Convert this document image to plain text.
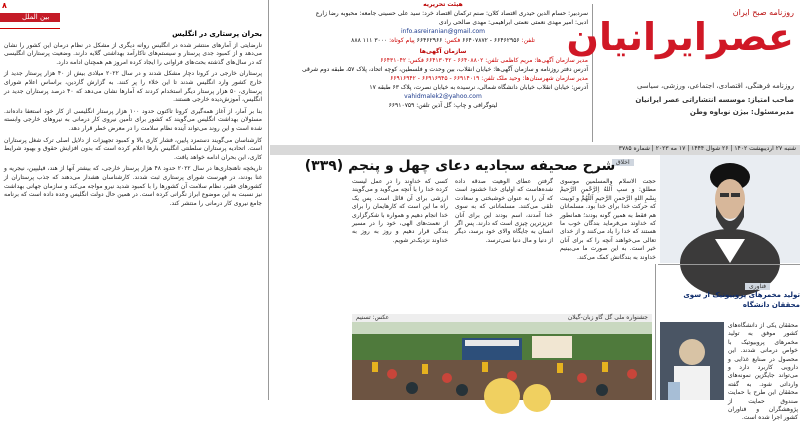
۸
بین الملل
بحران پرستاری در انگلیس

نارضایتی از آمارهای منتشر شده در انگلیس روانه دیگری از مشکل در نظام درمان این کشور را نشان می‌دهد و از کمبود جدی پرستار و سیستم‌های ناکارآمد بهداشتی گلایه دارند. وضعیت پرستاران انگلیسی که در سال‌های گذشته بحث‌های فراوانی را ایجاد کرده امروز هم همچنان ادامه دارد.

پرستاران خارجی در کرونا دچار مشکل شدند و در سال ۲۰۲۲ میلادی بیش از ۴۰ هزار پرستار جدید از خارج کشور وارد انگلیس شدند تا این خلاء را پر کنند. به گزارش گاردین، براساس اعلام شورای پرستاری، ۵۰ هزار پرستار دیگر استخدام کردند که آمارها نشان می‌دهد که ۴۰ درصد پرستاران جدید در انگلیس، آموزش‌دیده خارجی هستند.

بنا بر آمار، از آغاز همه‌گیری کرونا تاکنون حدود ۱۰۰ هزار پرستار انگلیسی از کار خود استعفا داده‌اند. مسئولان بهداشت انگلیس می‌گویند که کشور برای تأمین نیروی کار درمانی به نیروهای خارجی وابسته شده است و این روند می‌تواند آینده نظام سلامت را در معرض خطر قرار دهد.

کارشناسان می‌گویند دستمزد پایین، فشار کاری بالا و کمبود تجهیزات از دلایل اصلی ترک شغل پرستاران است. اتحادیه پرستاران سلطنتی انگلیس بارها اعلام کرده است که بدون افزایش حقوق و بهبود شرایط کاری، این بحران ادامه خواهد یافت.

تاریخچه ناهنجاری‌ها در سال ۲۰۲۲ حدود ۴۸ هزار پرستار خارجی، که بیشتر آنها از هند، فیلیپین، نیجریه و غنا بودند، در فهرست شورای پرستاری ثبت شدند. کارشناسان هشدار می‌دهند که جذب پرستاران از کشورهای فقیر، نظام سلامت آن کشورها را با کمبود شدید نیرو مواجه می‌کند و سازمان جهانی بهداشت نیز نسبت به این موضوع ابراز نگرانی کرده است. در همین حال دولت انگلیس وعده داده است که برنامه جامع نیروی کار درمانی را منتشر کند.

هیئت تحریریه
سردبیر: حسام الدین حیدری اقتصاد کلان: صنم ترکمان اقتصاد خرد: سید علی حسینی جامعه: محبوبه رضا زارع
ادبی: امیر مهدی نعمتی نعمتی ابراهیمی: مهدی صالحی رادی
info.asreiranian@gmail.com
تلفن: ۶۶۴۶۲۹۵۶ - ۶۶۴۰۷۸۷۲ فکس: ۶۶۴۶۲۹۶۶ پیام کوتاه: ۳۰۰۰ ۱۱۱ ۸۸۸
سازمان آگهی‌ها
مدیر سازمان آگهی‌ها: مریم کاظمی تلفن: ۶۶۴۰۸۸۰۲ - ۶۶۴۱۳۰۴۲ فکس: ۶۶۴۳۱۰۴۲
آدرس دفتر روزنامه و سازمان آگهی‌ها: خیابان انقلاب، بین وحدت و فلسطین، کوچه اتحاد، پلاک ۵۷، طبقه دوم شرقی
مدیر سازمان شهرستان‌ها: وحید ملک تلفن: ۶۶۹۱۴۰۱۹ - ۶۶۹۱۶۹۴۵ - ۶۶۹۱۶۹۴۲
آدرس: خیابان انقلاب خیابان دانشگاه شمالی، نرسیده به خیابان نصرت، پلاک ۶۳ طبقه ۱۷
vahidmalek2@yahoo.com
لیتوگرافی و چاپ: گل آذین تلفن: ۶۶۹۱۰۷۵۹
روزنامه صبح ایران
عصرایرانیان
روزنامه فرهنگی، اقتصادی، اجتماعی، ورزشی، سیاسی
صاحب امتیاز: موسسه انتشاراتی عصر ایرانیان
مدیرمسئول: بیژن نوباوه وطن
شنبه ۲۷ اردیبهشت ۱۴۰۲ | ۲۶ شوال ۱۴۴۴ | ۱۷ مه ۲۰۲۳ | شماره ۳۷۸۵
اخلاق
شرح صحیفه سجادیه دعای چهل و پنجم (۳۳۹)
حجت الاسلام والمسلمین موسوی مطلق: و سپ اَللهُ اِلرَّحْمنِ الرَّحیمْ بِسْمِ اللهِ الرَّحمنِ الرَّحیمِ اَللّهُمَّ و تَوبیت که حرکت خدا برای خدا بود. مسلمانان هم فقط به همین گونه بودند؛ همانطور که خداوند می‌فرماید بندگان خوب ما هستند که خدا را یاد می‌کنند و از خدای تعالی می‌خواهند آنچه را که برای آنان خیر است. به این صورت ما می‌بینیم خداوند به بندگانش کمک می‌کند.
گرفتن عطای الوهیت صدقه داده شده‌هاست که اولیای خدا خشنود است که آن را به عنوان خوشبختی و سعادت تلقی می‌کنند. مسلمانانی که به سوی خدا آمدند، اسم بودند این برای آنان عزیزترین چیزی است که دارند. پس اگر انسان به جایگاه والای خود برسد، دیگر از دنیا و مال دنیا نمی‌ترسد.
کسی که خداوند را در عمل لیست کرده خدا را با آنچه می‌گوید و می‌گویند ارزشی برای آن قائل است. پس یک راه ما این است که کارهایمان را برای خدا انجام دهیم و همواره با شکرگزاری از نعمت‌های الهی، خود را در مسیر بندگی قرار دهیم و روز به روز به خداوند نزدیک‌تر شویم.
فناوری
تولید مخمرهای پروبیوتیک از سوی محققان دانشگاه
محققان یکی از دانشگاه‌های کشور موفق به تولید مخمرهای پروبیوتیک با خواص درمانی شدند. این محصول در صنایع غذایی و دارویی کاربرد دارد و می‌تواند جایگزین نمونه‌های وارداتی شود. به گفته محققان این طرح با حمایت صندوق حمایت از پژوهشگران و فناوران کشور اجرا شده است.
جشنواره ملی گل گاو زبان-گیلان
عکس: تسنیم
